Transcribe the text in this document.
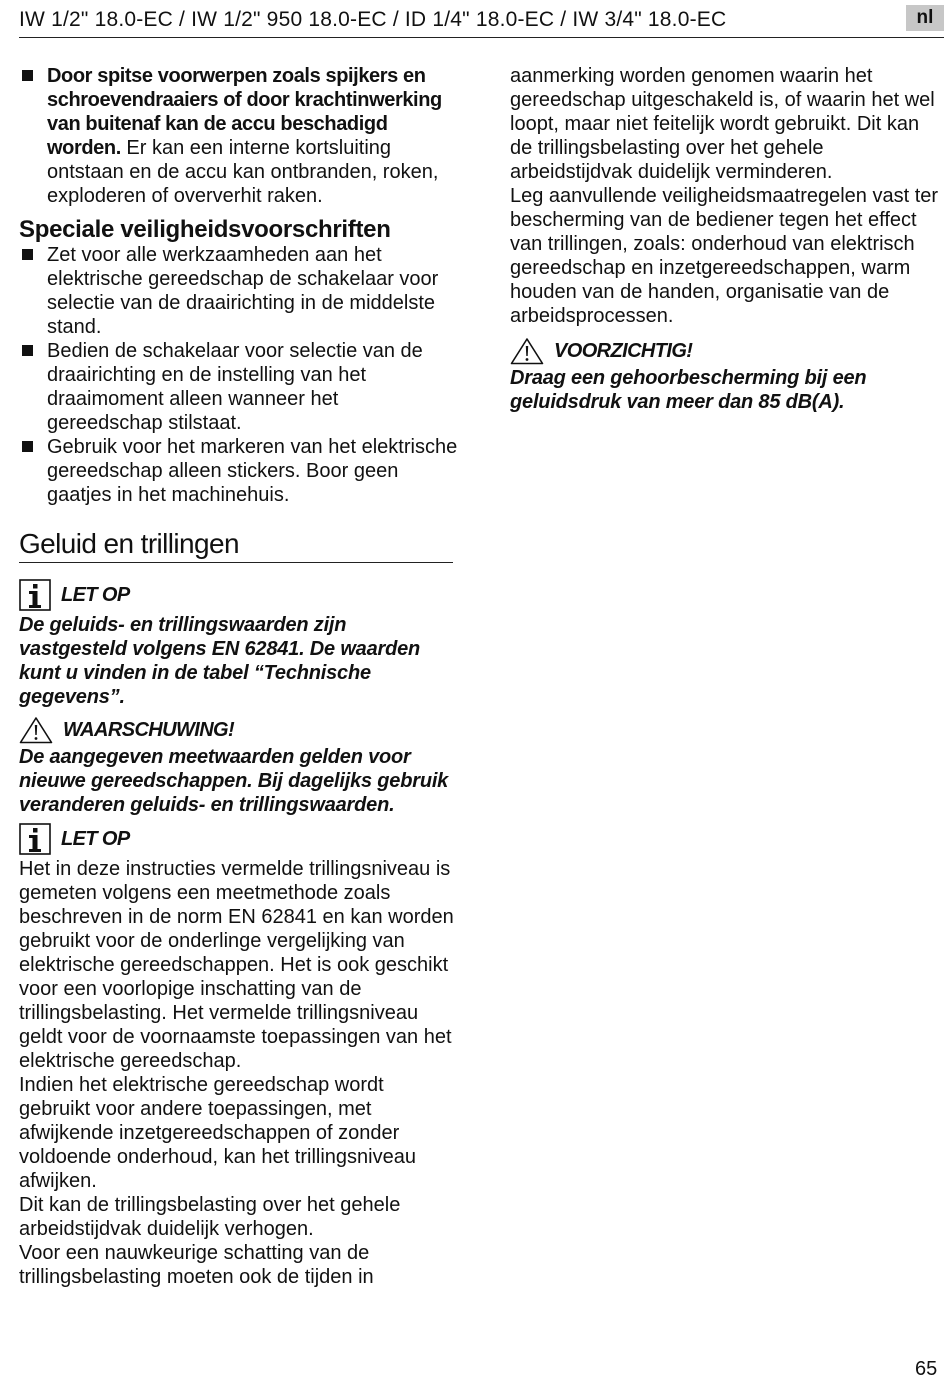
IW 1/2" 18.0-EC / IW 1/2" 950 18.0-EC / ID 1/4" 18.0-EC / IW 3/4" 18.0-EC	nl
Door spitse voorwerpen zoals spijkers en schroevendraaiers of door krachtinwerking van buitenaf kan de accu beschadigd worden. Er kan een interne kortsluiting ontstaan en de accu kan ontbranden, roken, exploderen of oververhit raken.
Speciale veiligheidsvoorschriften
Zet voor alle werkzaamheden aan het elektrische gereedschap de schakelaar voor selectie van de draairichting in de middelste stand.
Bedien de schakelaar voor selectie van de draairichting en de instelling van het draaimoment alleen wanneer het gereedschap stilstaat.
Gebruik voor het markeren van het elektrische gereedschap alleen stickers. Boor geen gaatjes in het machinehuis.
Geluid en trillingen
LET OP

De geluids- en trillingswaarden zijn vastgesteld volgens EN 62841. De waarden kunt u vinden in de tabel “Technische gegevens”.

WAARSCHUWING!

De aangegeven meetwaarden gelden voor nieuwe gereedschappen. Bij dagelijks gebruik veranderen geluids- en trillingswaarden.

LET OP

Het in deze instructies vermelde trillingsniveau is gemeten volgens een meetmethode zoals beschreven in de norm EN 62841 en kan worden gebruikt voor de onderlinge vergelijking van elektrische gereedschappen. Het is ook geschikt voor een voorlopige inschatting van de trillingsbelasting. Het vermelde trillingsniveau geldt voor de voornaamste toepassingen van het elektrische gereedschap.

Indien het elektrische gereedschap wordt gebruikt voor andere toepassingen, met afwijkende inzetgereedschappen of zonder voldoende onderhoud, kan het trillingsniveau afwijken.

Dit kan de trillingsbelasting over het gehele arbeidstijdvak duidelijk verhogen.

Voor een nauwkeurige schatting van de trillingsbelasting moeten ook de tijden in

aanmerking worden genomen waarin het gereedschap uitgeschakeld is, of waarin het wel loopt, maar niet feitelijk wordt gebruikt. Dit kan de trillingsbelasting over het gehele arbeidstijdvak duidelijk verminderen.

Leg aanvullende veiligheidsmaatregelen vast ter bescherming van de bediener tegen het effect van trillingen, zoals: onderhoud van elektrisch gereedschap en inzetgereedschappen, warm houden van de handen, organisatie van de arbeidsprocessen.

VOORZICHTIG!

Draag een gehoorbescherming bij een geluidsdruk van meer dan 85 dB(A).

65
